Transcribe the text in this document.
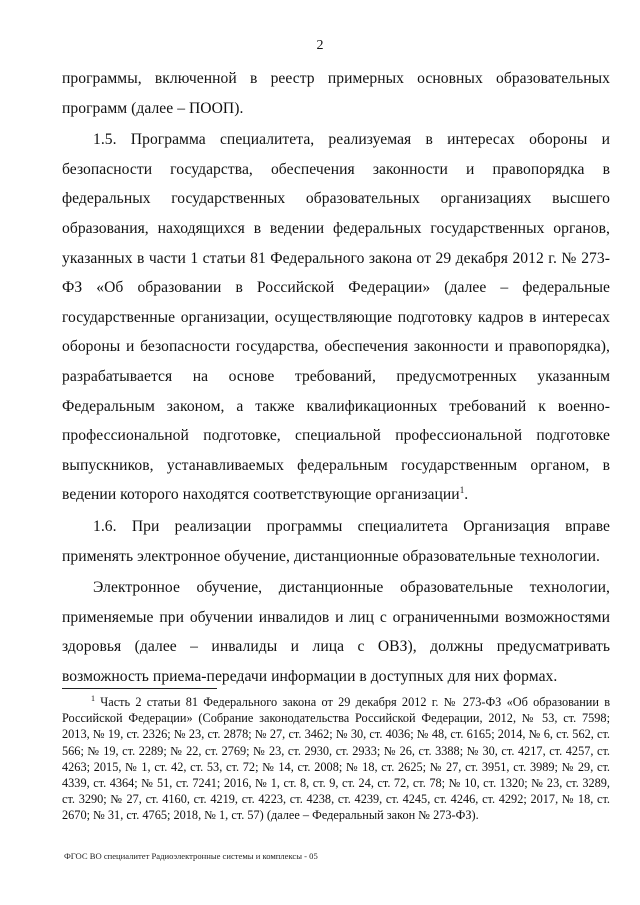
2

программы, включенной в реестр примерных основных образовательных программ (далее – ПООП).

1.5. Программа специалитета, реализуемая в интересах обороны и безопасности государства, обеспечения законности и правопорядка в федеральных государственных образовательных организациях высшего образования, находящихся в ведении федеральных государственных органов, указанных в части 1 статьи 81 Федерального закона от 29 декабря 2012 г. № 273-ФЗ «Об образовании в Российской Федерации» (далее – федеральные государственные организации, осуществляющие подготовку кадров в интересах обороны и безопасности государства, обеспечения законности и правопорядка), разрабатывается на основе требований, предусмотренных указанным Федеральным законом, а также квалификационных требований к военно-профессиональной подготовке, специальной профессиональной подготовке выпускников, устанавливаемых федеральным государственным органом, в ведении которого находятся соответствующие организации$^1$.

1.6. При реализации программы специалитета Организация вправе применять электронное обучение, дистанционные образовательные технологии.

Электронное обучение, дистанционные образовательные технологии, применяемые при обучении инвалидов и лиц с ограниченными возможностями здоровья (далее – инвалиды и лица с ОВЗ), должны предусматривать возможность приема-передачи информации в доступных для них формах.

$^1$ Часть 2 статьи 81 Федерального закона от 29 декабря 2012 г. № 273-ФЗ «Об образовании в Российской Федерации» (Собрание законодательства Российской Федерации, 2012, № 53, ст. 7598; 2013, № 19, ст. 2326; № 23, ст. 2878; № 27, ст. 3462; № 30, ст. 4036; № 48, ст. 6165; 2014, № 6, ст. 562, ст. 566; № 19, ст. 2289; № 22, ст. 2769; № 23, ст. 2930, ст. 2933; № 26, ст. 3388; № 30, ст. 4217, ст. 4257, ст. 4263; 2015, № 1, ст. 42, ст. 53, ст. 72; № 14, ст. 2008; № 18, ст. 2625; № 27, ст. 3951, ст. 3989; № 29, ст. 4339, ст. 4364; № 51, ст. 7241; 2016, № 1, ст. 8, ст. 9, ст. 24, ст. 72, ст. 78; № 10, ст. 1320; № 23, ст. 3289, ст. 3290; № 27, ст. 4160, ст. 4219, ст. 4223, ст. 4238, ст. 4239, ст. 4245, ст. 4246, ст. 4292; 2017, № 18, ст. 2670; № 31, ст. 4765; 2018, № 1, ст. 57) (далее – Федеральный закон № 273-ФЗ).

ФГОС ВО специалитет Радиоэлектронные системы и комплексы - 05
